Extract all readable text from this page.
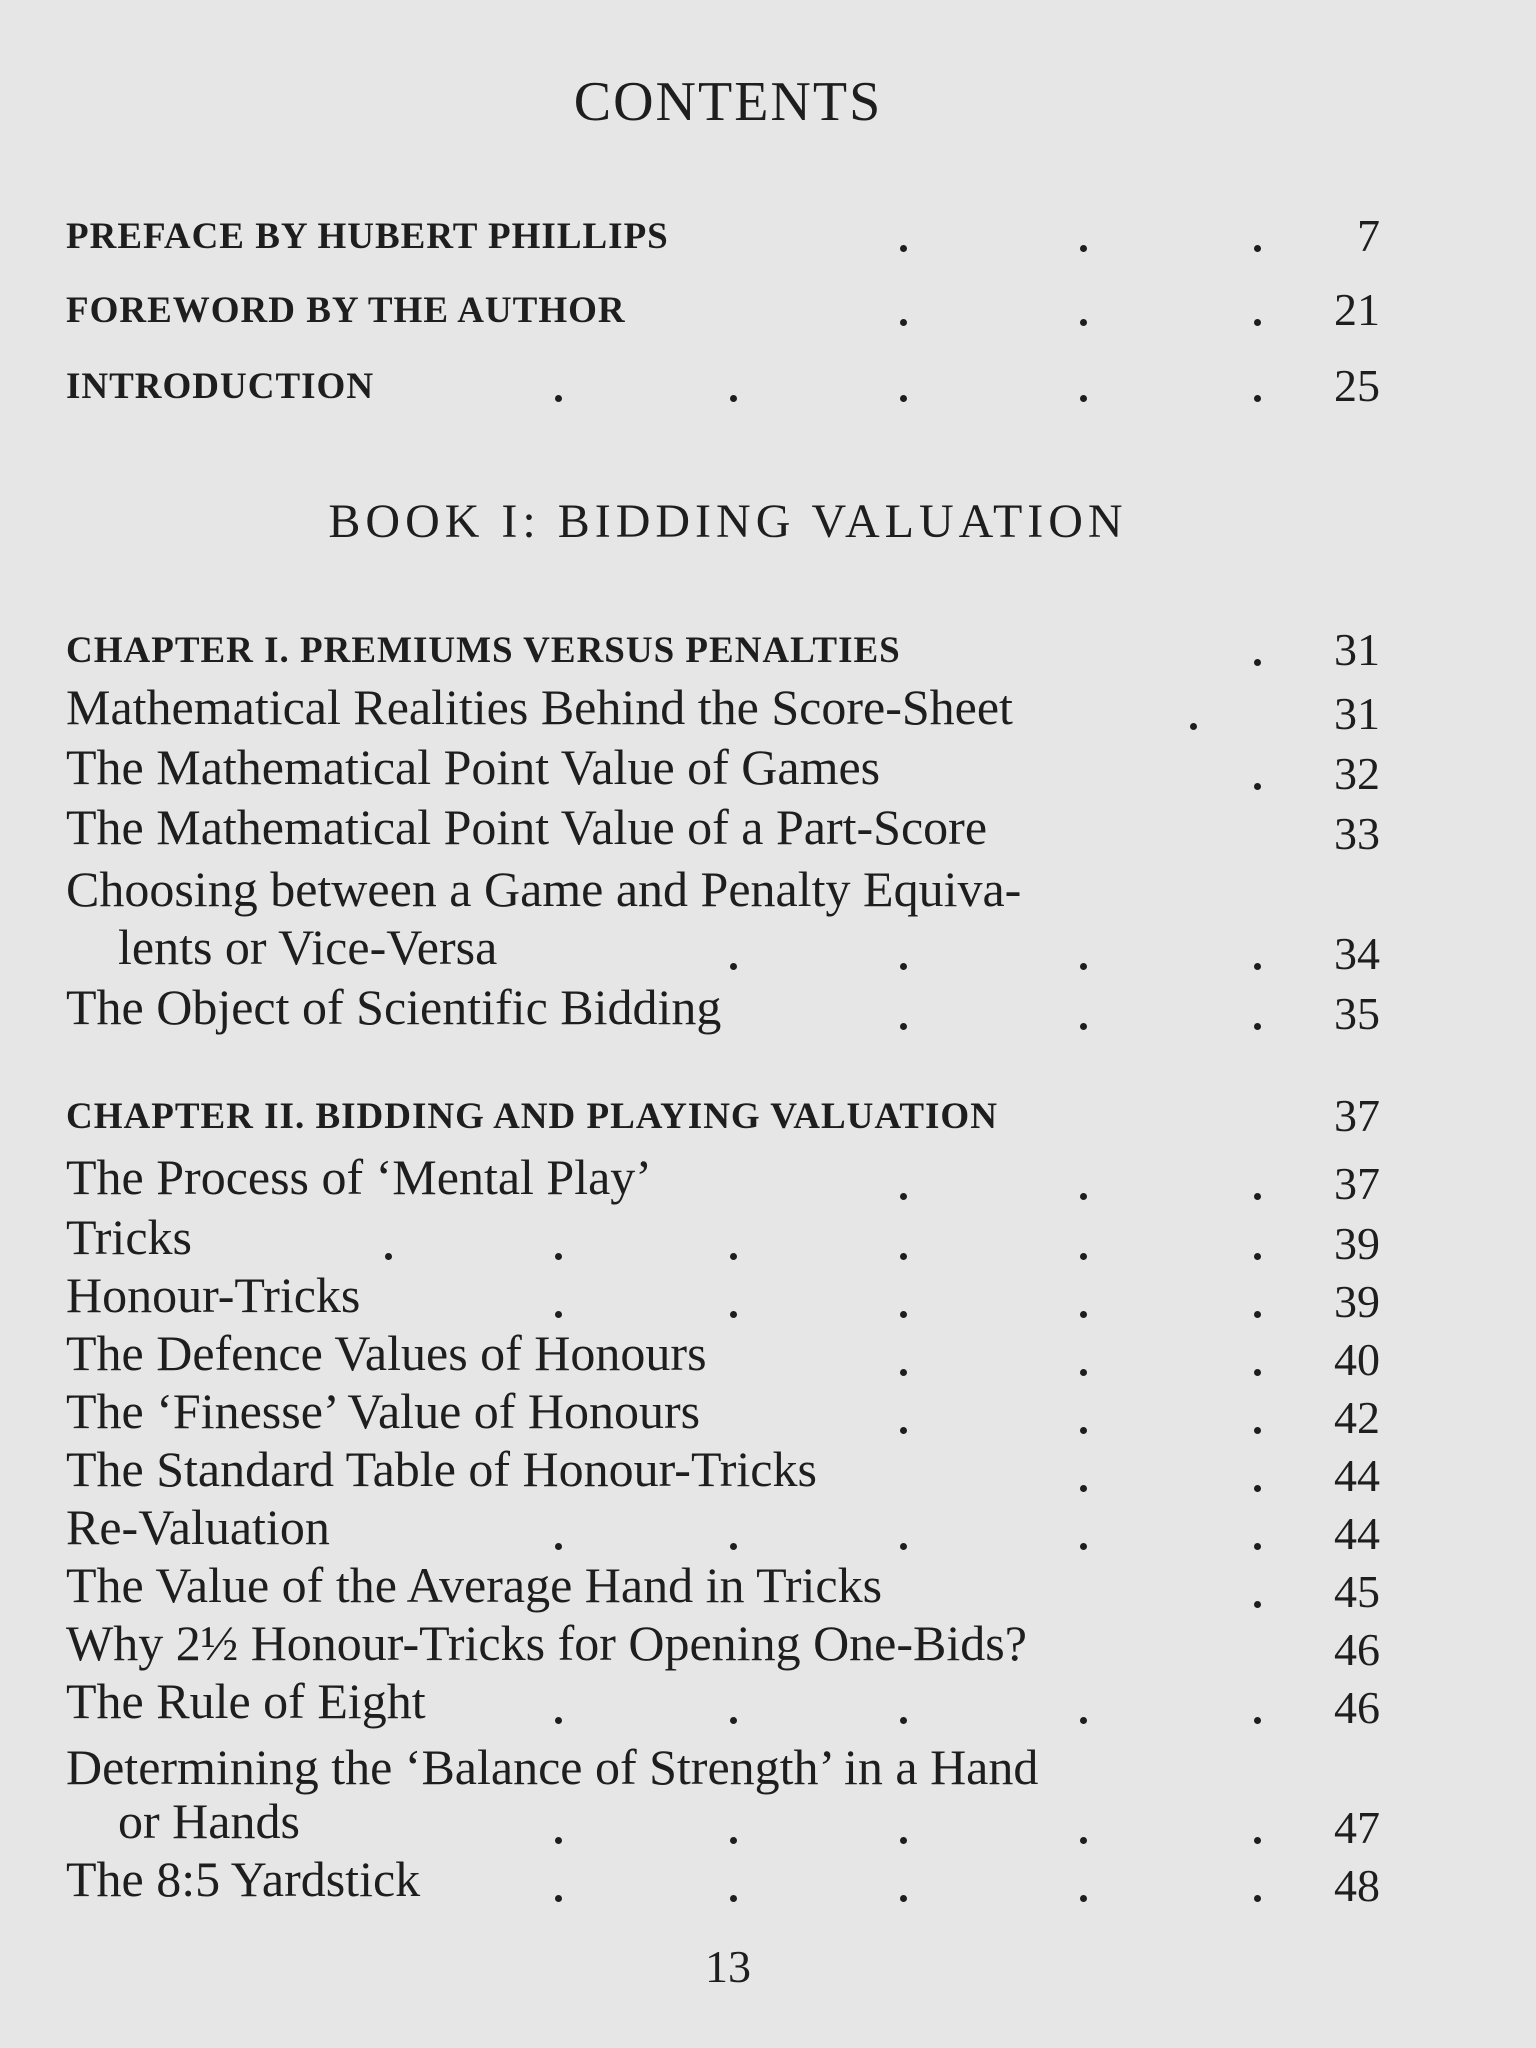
CONTENTS
PREFACE BY HUBERT PHILLIPS	7
FOREWORD BY THE AUTHOR	21
INTRODUCTION	25
BOOK I: BIDDING VALUATION
CHAPTER I. PREMIUMS VERSUS PENALTIES	31
Mathematical Realities Behind the Score-Sheet	31
The Mathematical Point Value of Games	32
The Mathematical Point Value of a Part-Score	33
Choosing between a Game and Penalty Equiva-
lents or Vice-Versa	34
The Object of Scientific Bidding	35
CHAPTER II. BIDDING AND PLAYING VALUATION	37
The Process of ‘Mental Play’	37
Tricks	39
Honour-Tricks	39
The Defence Values of Honours	40
The ‘Finesse’ Value of Honours	42
The Standard Table of Honour-Tricks	44
Re-Valuation	44
The Value of the Average Hand in Tricks	45
Why 2½ Honour-Tricks for Opening One-Bids?	46
The Rule of Eight	46
Determining the ‘Balance of Strength’ in a Hand
or Hands	47
The 8:5 Yardstick	48
13
